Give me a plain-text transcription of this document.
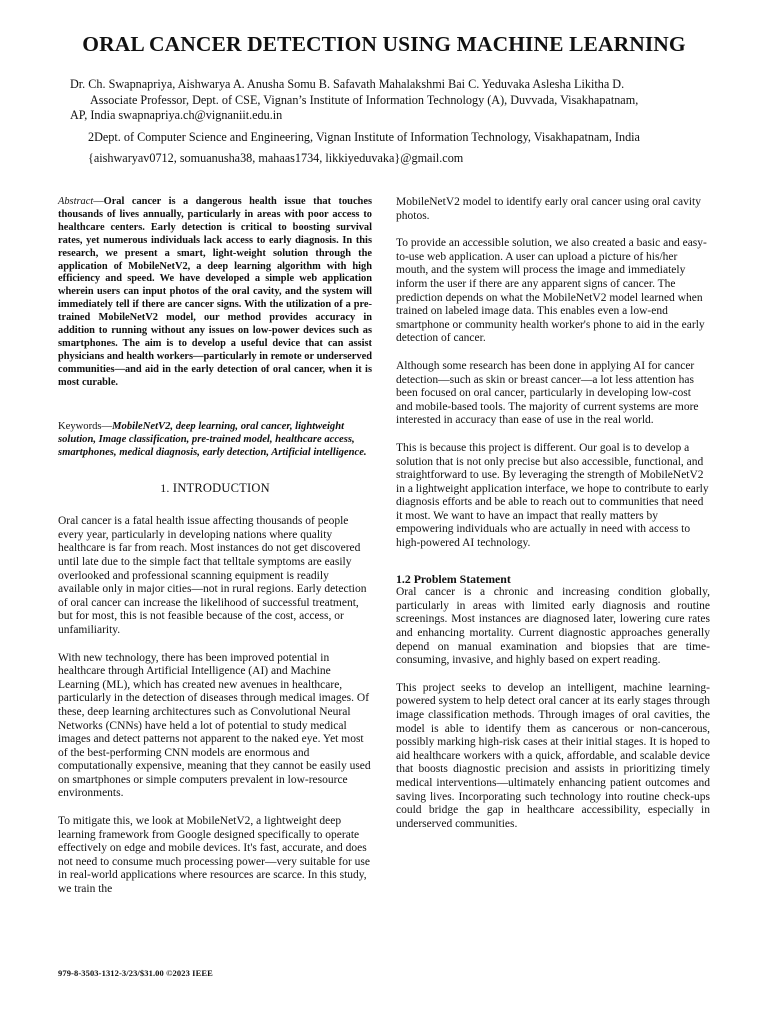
ORAL CANCER DETECTION USING MACHINE LEARNING
Dr. Ch. Swapnapriya, Aishwarya A. Anusha Somu B. Safavath Mahalakshmi Bai C. Yeduvaka Aslesha Likitha D.
Associate Professor, Dept. of CSE, Vignan’s Institute of Information Technology (A), Duvvada, Visakhapatnam,
AP, India swapnapriya.ch@vignaniit.edu.in
2Dept. of Computer Science and Engineering, Vignan Institute of Information Technology, Visakhapatnam, India
{aishwaryav0712, somuanusha38, mahaas1734, likkiyeduvaka}@gmail.com

Abstract—Oral cancer is a dangerous health issue that touches thousands of lives annually, particularly in areas with poor access to healthcare centers. Early detection is critical to boosting survival rates, yet numerous individuals lack access to early diagnosis. In this research, we present a smart, light-weight solution through the application of MobileNetV2, a deep learning algorithm with high efficiency and speed. We have developed a simple web application wherein users can input photos of the oral cavity, and the system will immediately tell if there are cancer signs. With the utilization of a pre-trained MobileNetV2 model, our method provides accuracy in addition to running without any issues on low-power devices such as smartphones. The aim is to develop a useful device that can assist physicians and health workers—particularly in remote or underserved communities—and aid in the early detection of oral cancer, when it is most curable.

Keywords—MobileNetV2, deep learning, oral cancer, lightweight solution, Image classification, pre-trained model, healthcare access, smartphones, medical diagnosis, early detection, Artificial intelligence.

1. INTRODUCTION

Oral cancer is a fatal health issue affecting thousands of people every year, particularly in developing nations where quality healthcare is far from reach. Most instances do not get discovered until late due to the simple fact that telltale symptoms are easily overlooked and professional scanning equipment is readily available only in major cities—not in rural regions. Early detection of oral cancer can increase the likelihood of successful treatment, but for most, this is not feasible because of the cost, access, or unfamiliarity.

With new technology, there has been improved potential in healthcare through Artificial Intelligence (AI) and Machine Learning (ML), which has created new avenues in healthcare, particularly in the detection of diseases through medical images. Of these, deep learning architectures such as Convolutional Neural Networks (CNNs) have held a lot of potential to study medical images and detect patterns not apparent to the naked eye. Yet most of the best-performing CNN models are enormous and computationally expensive, meaning that they cannot be easily used on smartphones or simple computers prevalent in low-resource environments.

To mitigate this, we look at MobileNetV2, a lightweight deep learning framework from Google designed specifically to operate effectively on edge and mobile devices. It's fast, accurate, and does not need to consume much processing power—very suitable for use in real-world applications where resources are scarce. In this study, we train the

MobileNetV2 model to identify early oral cancer using oral cavity photos.

To provide an accessible solution, we also created a basic and easy-to-use web application. A user can upload a picture of his/her mouth, and the system will process the image and immediately inform the user if there are any apparent signs of cancer. The prediction depends on what the MobileNetV2 model learned when trained on labeled image data. This enables even a low-end smartphone or community health worker's phone to aid in the early detection of cancer.

Although some research has been done in applying AI for cancer detection—such as skin or breast cancer—a lot less attention has been focused on oral cancer, particularly in developing low-cost and mobile-based tools. The majority of current systems are more interested in accuracy than ease of use in the real world.

This is because this project is different. Our goal is to develop a solution that is not only precise but also accessible, functional, and straightforward to use. By leveraging the strength of MobileNetV2 in a lightweight application interface, we hope to contribute to early diagnosis efforts and be able to reach out to communities that need it most. We want to have an impact that really matters by empowering individuals who are actually in need with access to high-powered AI technology.

1.2 Problem Statement

Oral cancer is a chronic and increasing condition globally, particularly in areas with limited early diagnosis and routine screenings. Most instances are diagnosed later, lowering cure rates and enhancing mortality. Current diagnostic approaches generally depend on manual examination and biopsies that are time-consuming, invasive, and highly based on expert reading.

This project seeks to develop an intelligent, machine learning-powered system to help detect oral cancer at its early stages through image classification methods. Through images of oral cavities, the model is able to identify them as cancerous or non-cancerous, possibly marking high-risk cases at their initial stages. It is hoped to aid healthcare workers with a quick, affordable, and scalable device that boosts diagnostic precision and assists in prioritizing timely medical interventions—ultimately enhancing patient outcomes and saving lives. Incorporating such technology into routine check-ups could bridge the gap in healthcare accessibility, especially in underserved communities.

979-8-3503-1312-3/23/$31.00 ©2023 IEEE
